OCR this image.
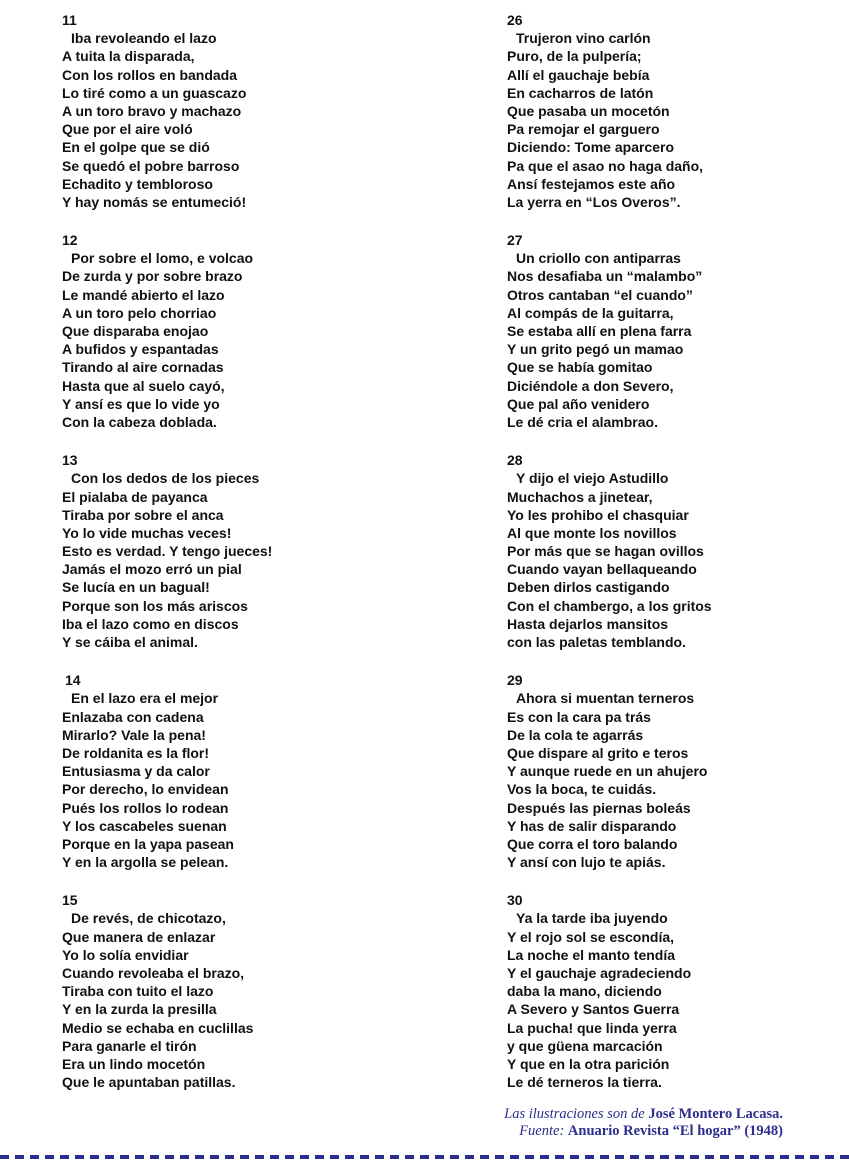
11
Iba revoleando el lazo
A tuita la disparada,
Con los rollos en bandada
Lo tiré como a un guascazo
A un toro bravo y machazo
Que por el aire voló
En el golpe que se dió
Se quedó el pobre barroso
Echadito y tembloroso
Y hay nomás se entumeció!
12
Por sobre el lomo, e volcao
De zurda y por sobre brazo
Le mandé abierto el lazo
A un toro pelo chorriao
Que disparaba enojao
A bufidos y espantadas
Tirando al aire cornadas
Hasta que al suelo cayó,
Y ansí es que lo vide yo
Con la cabeza doblada.
13
Con los dedos de los pieces
El pialaba de payanca
Tiraba por sobre el anca
Yo lo vide muchas veces!
Esto es verdad. Y tengo jueces!
Jamás el mozo erró un pial
Se lucía en un bagual!
Porque son los más ariscos
Iba el lazo como en discos
Y se cáiba el animal.
14
En el lazo era el mejor
Enlazaba con cadena
Mirarlo? Vale la pena!
De roldanita es la flor!
Entusiasma y da calor
Por derecho, lo envidean
Pués los rollos lo rodean
Y los cascabeles suenan
Porque en la yapa pasean
Y en la argolla se pelean.
15
De revés, de chicotazo,
Que manera de enlazar
Yo lo solía envidiar
Cuando revoleaba el brazo,
Tiraba con tuito el lazo
Y en la zurda la presilla
Medio se echaba en cuclillas
Para ganarle el tirón
Era un lindo mocetón
Que le apuntaban patillas.
26
Trujeron vino carlón
Puro, de la pulpería;
Allí el gauchaje bebía
En cacharros de latón
Que pasaba un mocetón
Pa remojar el garguero
Diciendo: Tome aparcero
Pa que el asao no haga daño,
Ansí festejamos este año
La yerra en “Los Overos”.
27
Un criollo con antiparras
Nos desafiaba un “malambo”
Otros cantaban “el cuando”
Al compás de la guitarra,
Se estaba allí en plena farra
Y un grito pegó un mamao
Que se había gomitao
Diciéndole a don Severo,
Que pal año venidero
Le dé cria el alambrao.
28
Y dijo el viejo Astudillo
Muchachos a jinetear,
Yo les prohibo el chasquiar
Al que monte los novillos
Por más que se hagan ovillos
Cuando vayan bellaqueando
Deben dirlos castigando
Con el chambergo, a los gritos
Hasta dejarlos mansitos
con las paletas temblando.
29
Ahora si muentan terneros
Es con la cara pa trás
De la cola te agarrás
Que dispare al grito e teros
Y aunque ruede en un ahujero
Vos la boca, te cuidás.
Después las piernas boleás
Y has de salir disparando
Que corra el toro balando
Y ansí con lujo te apiás.
30
Ya la tarde iba juyendo
Y el rojo sol se escondía,
La noche el manto tendía
Y el gauchaje agradeciendo
daba la mano, diciendo
A Severo y Santos Guerra
La pucha! que linda yerra
y que güena marcación
Y que en la otra parición
Le dé terneros la tierra.
Las ilustraciones son de José Montero Lacasa.
Fuente: Anuario Revista “El hogar” (1948)
